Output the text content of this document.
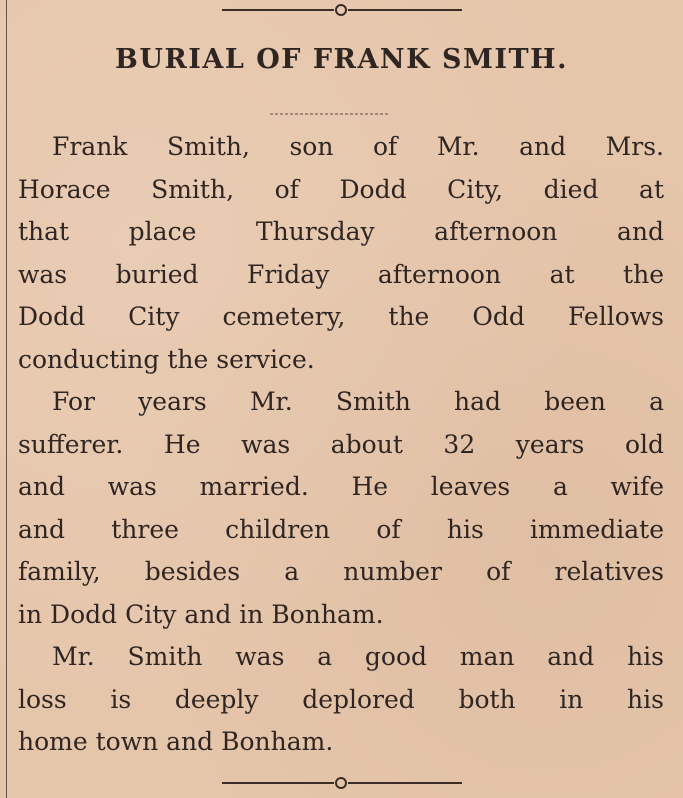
BURIAL OF FRANK SMITH.
Frank Smith, son of Mr. and Mrs.
Horace Smith, of Dodd City, died at
that place Thursday afternoon and
was buried Friday afternoon at the
Dodd City cemetery, the Odd Fellows
conducting the service.
For years Mr. Smith had been a
sufferer. He was about 32 years old
and was married. He leaves a wife
and three children of his immediate
family, besides a number of relatives
in Dodd City and in Bonham.
Mr. Smith was a good man and his
loss is deeply deplored both in his
home town and Bonham.
